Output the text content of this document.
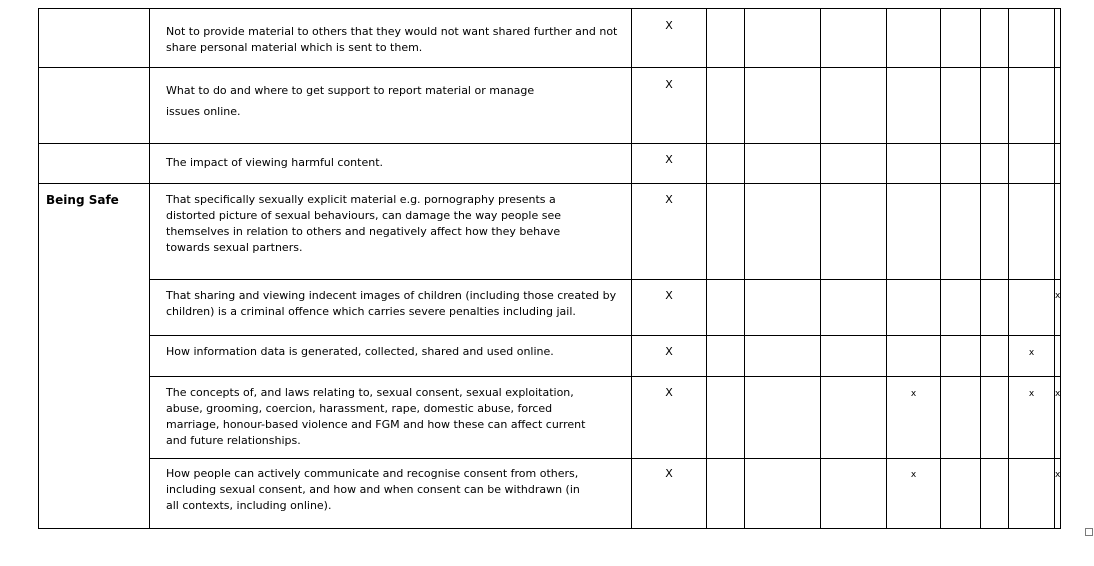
	Not to provide material to others that they would not want shared further and not share personal material which is sent to them.	X								

	What to do and where to get support to report material or manage issues online.	X								

	The impact of viewing harmful content.	X								
Being Safe	That specifically sexually explicit material e.g. pornography presents a distorted picture of sexual behaviours, can damage the way people see themselves in relation to others and negatively affect how they behave towards sexual partners.	X								

	That sharing and viewing indecent images of children (including those created by children) is a criminal offence which carries severe penalties including jail.	X								x

	How information data is generated, collected, shared and used online.	X							x	

	The concepts of, and laws relating to, sexual consent, sexual exploitation, abuse, grooming, coercion, harassment, rape, domestic abuse, forced marriage, honour-based violence and FGM and how these can affect current and future relationships.	X				x			x	x

	How people can actively communicate and recognise consent from others, including sexual consent, and how and when consent can be withdrawn (in all contexts, including online).	X				x				x
